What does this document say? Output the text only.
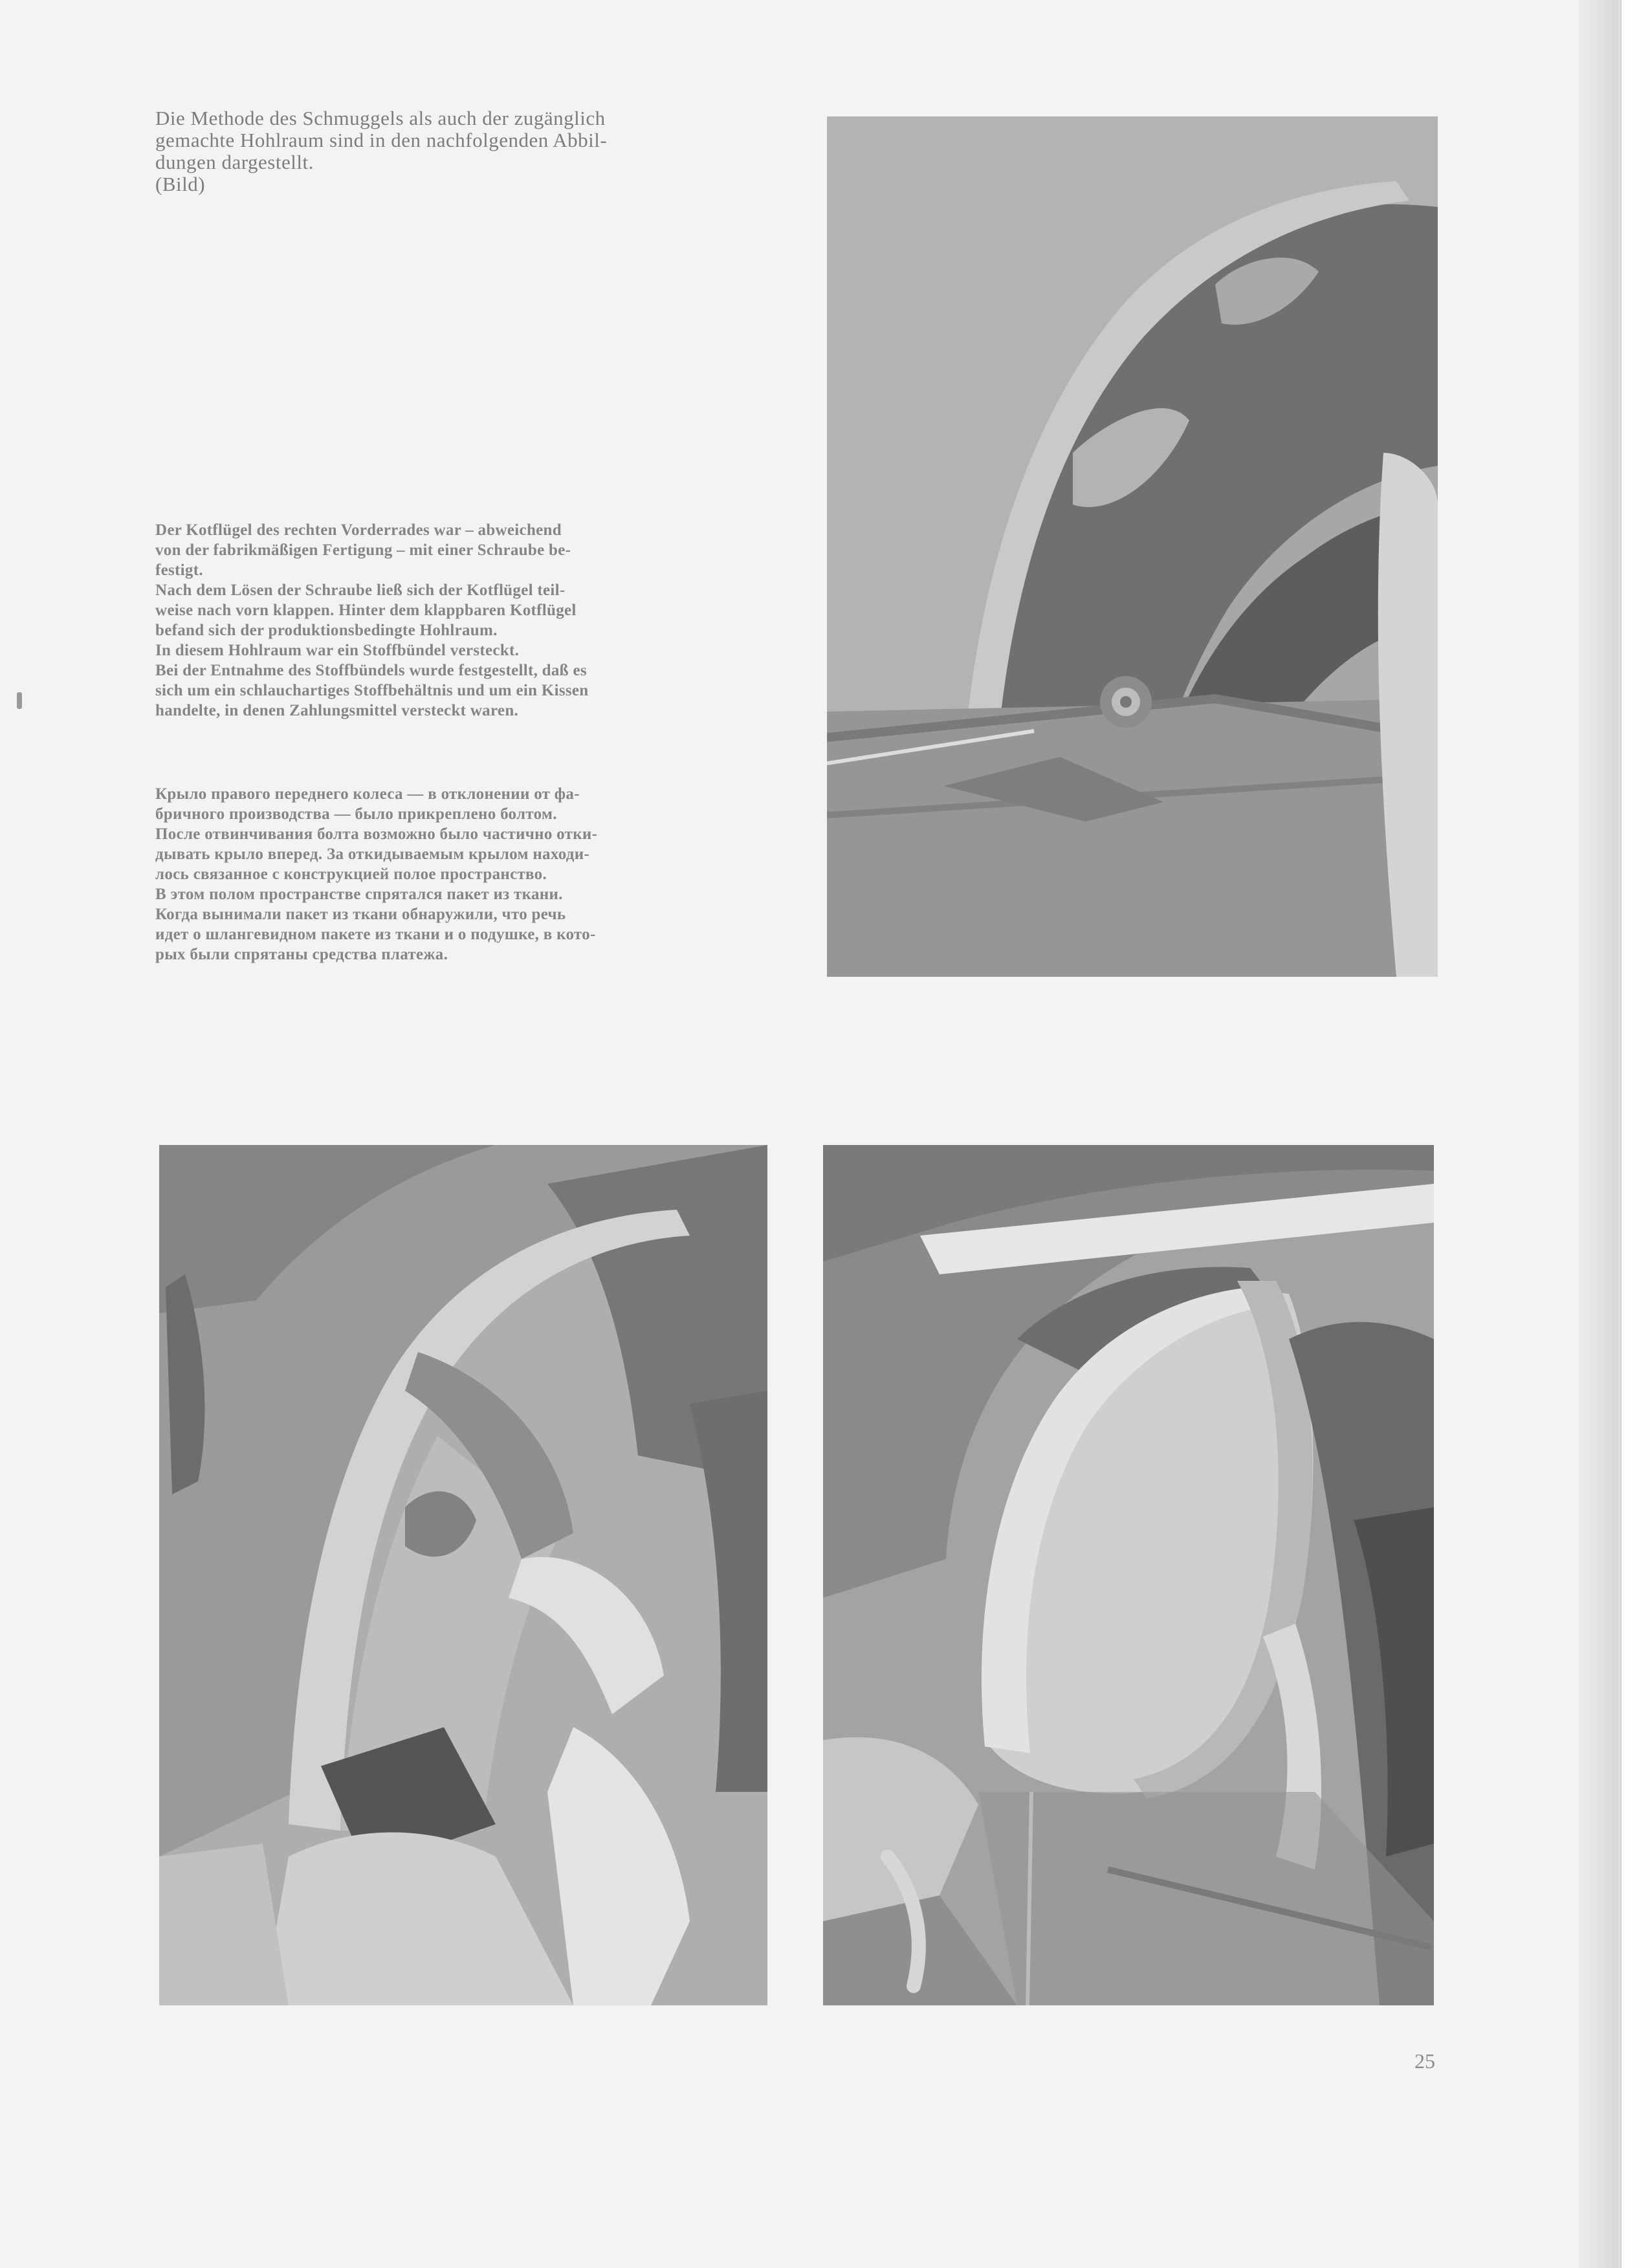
Die Methode des Schmuggels als auch der zugänglich
gemachte Hohlraum sind in den nachfolgenden Abbil-
dungen dargestellt.
(Bild)
Der Kotflügel des rechten Vorderrades war – abweichend
von der fabrikmäßigen Fertigung – mit einer Schraube be-
festigt.
Nach dem Lösen der Schraube ließ sich der Kotflügel teil-
weise nach vorn klappen. Hinter dem klappbaren Kotflügel
befand sich der produktionsbedingte Hohlraum.
In diesem Hohlraum war ein Stoffbündel versteckt.
Bei der Entnahme des Stoffbündels wurde festgestellt, daß es
sich um ein schlauchartiges Stoffbehältnis und um ein Kissen
handelte, in denen Zahlungsmittel versteckt waren.
Крыло правого переднего колеса — в отклонении от фа-
бричного производства — было прикреплено болтом.
После отвинчивания болта возможно было частично отки-
дывать крыло вперед. За откидываемым крылом находи-
лось связанное с конструкцией полое пространство.
В этом полом пространстве спрятался пакет из ткани.
Когда вынимали пакет из ткани обнаружили, что речь
идет о шлангевидном пакете из ткани и о подушке, в кото-
рых были спрятаны средства платежа.
25
